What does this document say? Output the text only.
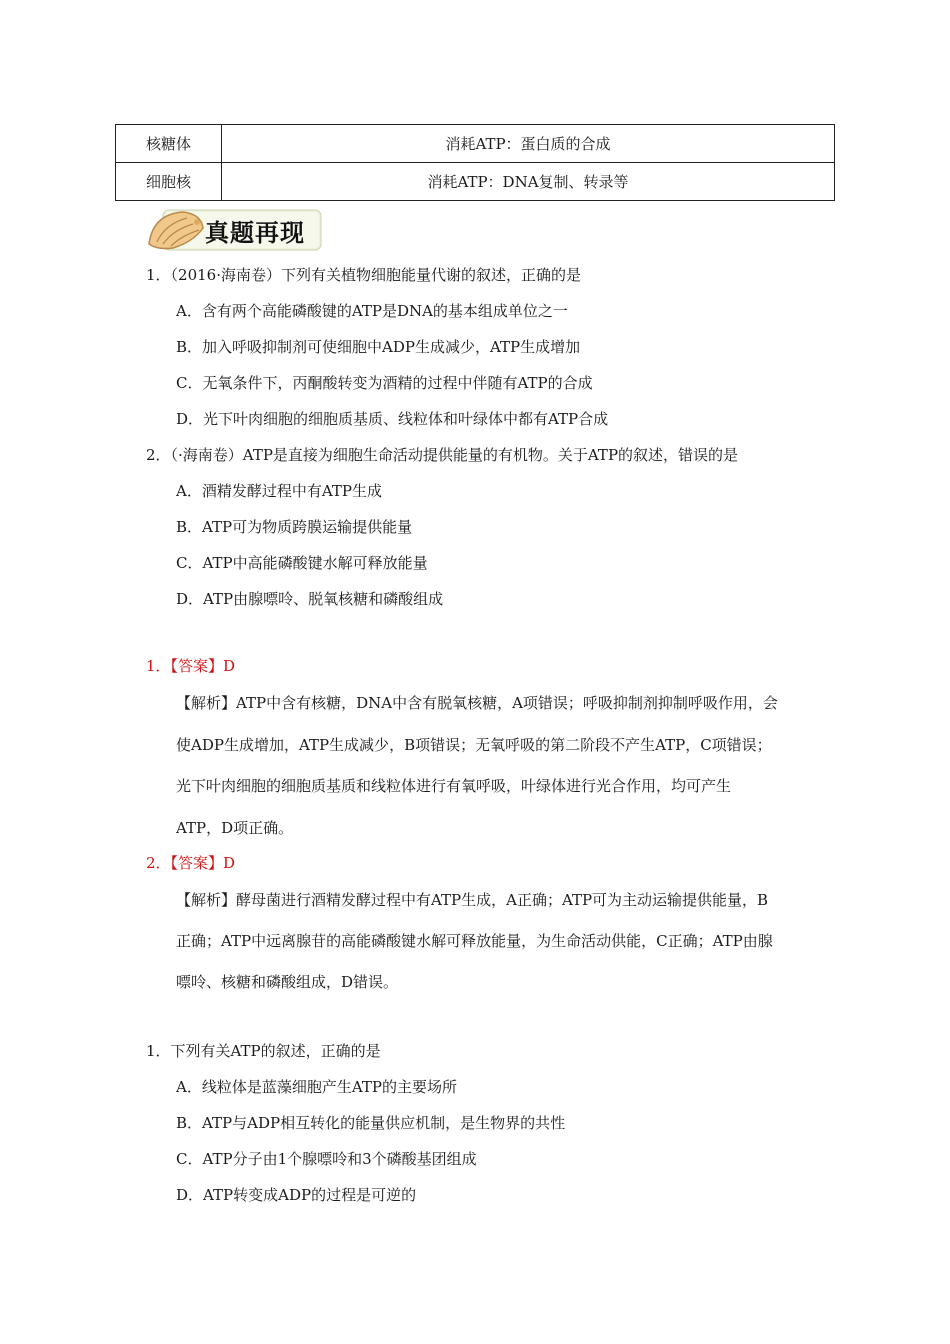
核糖体	消耗ATP：蛋白质的合成
细胞核	消耗ATP：DNA复制、转录等
真题再现
1．（2016·海南卷）下列有关植物细胞能量代谢的叙述，正确的是
A．含有两个高能磷酸键的ATP是DNA的基本组成单位之一
B．加入呼吸抑制剂可使细胞中ADP生成减少，ATP生成增加
C．无氧条件下，丙酮酸转变为酒精的过程中伴随有ATP的合成
D．光下叶肉细胞的细胞质基质、线粒体和叶绿体中都有ATP合成
2．（·海南卷）ATP是直接为细胞生命活动提供能量的有机物。关于ATP的叙述，错误的是
A．酒精发酵过程中有ATP生成
B．ATP可为物质跨膜运输提供能量
C．ATP中高能磷酸键水解可释放能量
D．ATP由腺嘌呤、脱氧核糖和磷酸组成
1．【答案】D
【解析】ATP中含有核糖，DNA中含有脱氧核糖，A项错误；呼吸抑制剂抑制呼吸作用，会
使ADP生成增加，ATP生成减少，B项错误；无氧呼吸的第二阶段不产生ATP，C项错误；
光下叶肉细胞的细胞质基质和线粒体进行有氧呼吸，叶绿体进行光合作用，均可产生
ATP，D项正确。
2．【答案】D
【解析】酵母菌进行酒精发酵过程中有ATP生成，A正确；ATP可为主动运输提供能量，B
正确；ATP中远离腺苷的高能磷酸键水解可释放能量，为生命活动供能，C正确；ATP由腺
嘌呤、核糖和磷酸组成，D错误。
1．下列有关ATP的叙述，正确的是
A．线粒体是蓝藻细胞产生ATP的主要场所
B．ATP与ADP相互转化的能量供应机制，是生物界的共性
C．ATP分子由1个腺嘌呤和3个磷酸基团组成
D．ATP转变成ADP的过程是可逆的
